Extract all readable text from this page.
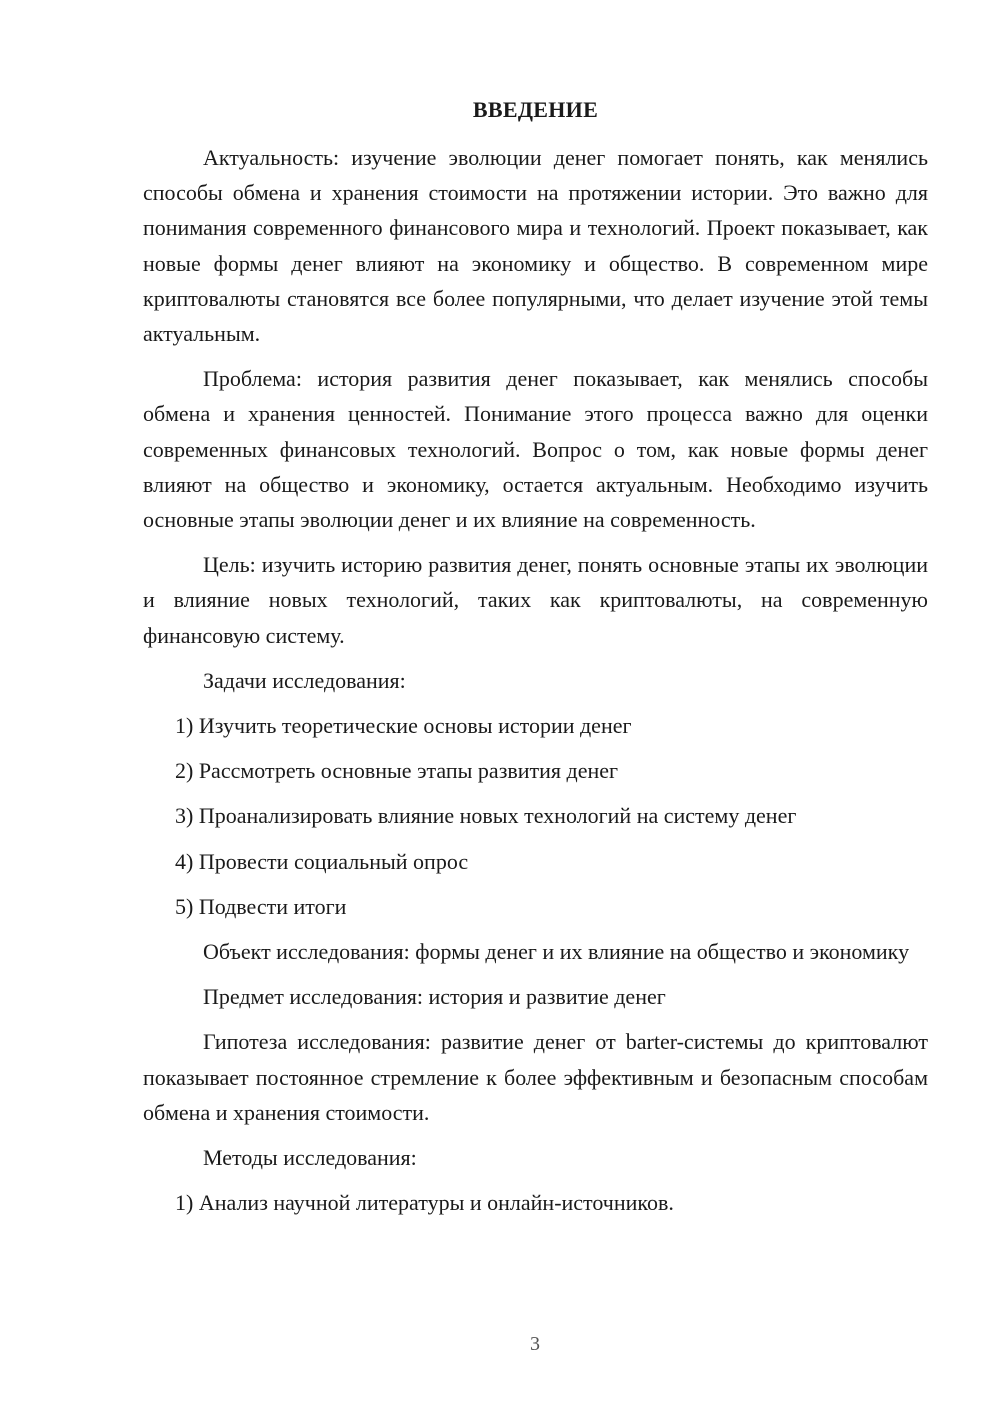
ВВЕДЕНИЕ

Актуальность: изучение эволюции денег помогает понять, как менялись способы обмена и хранения стоимости на протяжении истории. Это важно для понимания современного финансового мира и технологий. Проект показывает, как новые формы денег влияют на экономику и общество. В современном мире криптовалюты становятся все более популярными, что делает изучение этой темы актуальным.

Проблема: история развития денег показывает, как менялись способы обмена и хранения ценностей. Понимание этого процесса важно для оценки современных финансовых технологий. Вопрос о том, как новые формы денег влияют на общество и экономику, остается актуальным. Необходимо изучить основные этапы эволюции денег и их влияние на современность.

Цель: изучить историю развития денег, понять основные этапы их эволюции и влияние новых технологий, таких как криптовалюты, на современную финансовую систему.

Задачи исследования:
1) Изучить теоретические основы истории денег
2) Рассмотреть основные этапы развития денег
3) Проанализировать влияние новых технологий на систему денег
4) Провести социальный опрос
5) Подвести итоги

Объект исследования: формы денег и их влияние на общество и экономику

Предмет исследования: история и развитие денег

Гипотеза исследования: развитие денег от barter-системы до криптовалют показывает постоянное стремление к более эффективным и безопасным способам обмена и хранения стоимости.

Методы исследования:
1) Анализ научной литературы и онлайн-источников.
3
